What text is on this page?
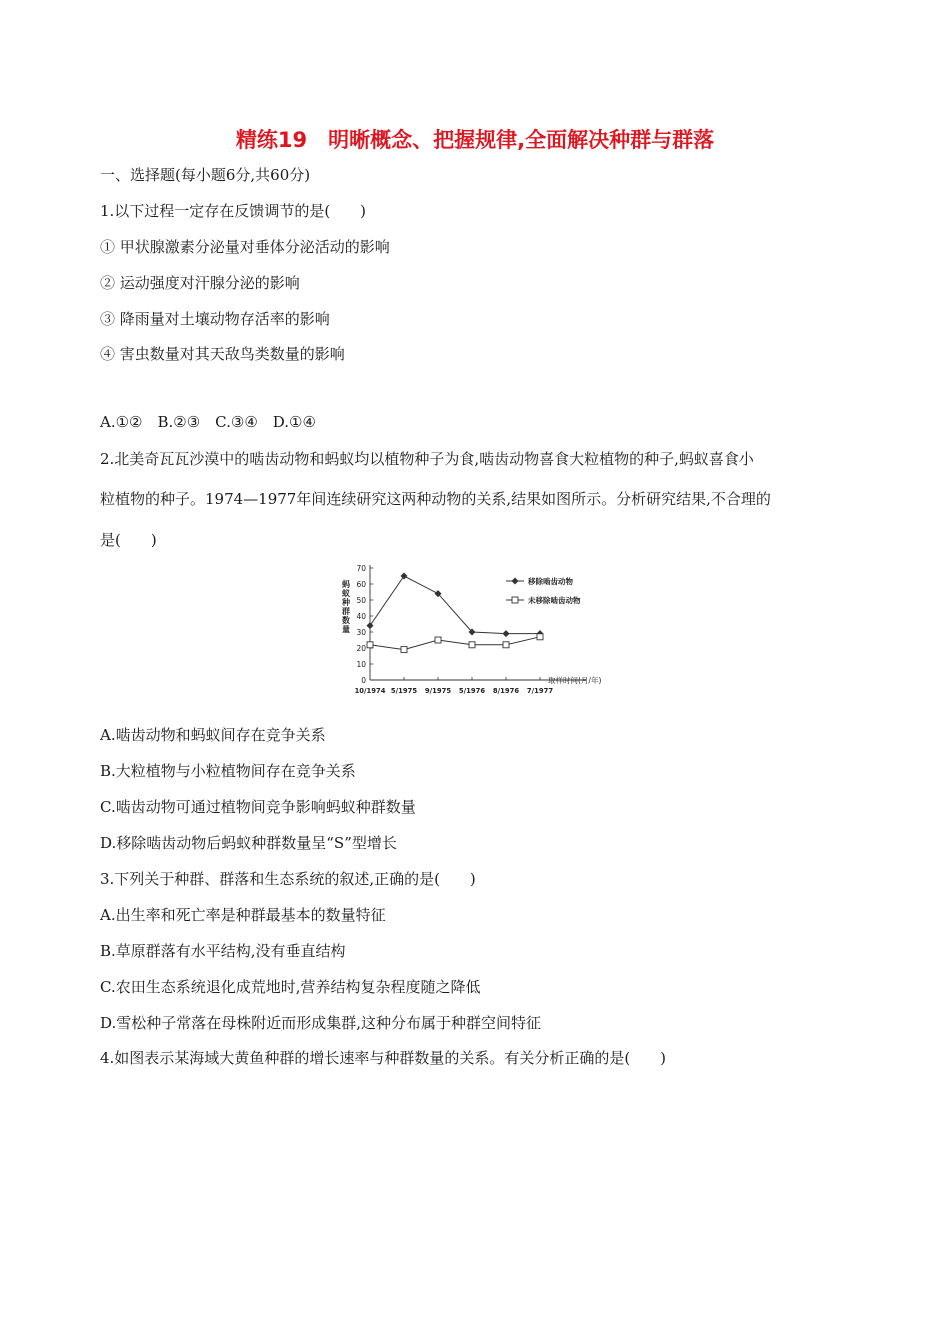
精练19　明晰概念、把握规律,全面解决种群与群落
一、选择题(每小题6分,共60分)
1.以下过程一定存在反馈调节的是(　　)
① 甲状腺激素分泌量对垂体分泌活动的影响
② 运动强度对汗腺分泌的影响
③ 降雨量对土壤动物存活率的影响
④ 害虫数量对其天敌鸟类数量的影响
A.①②　B.②③　C.③④　D.①④
2.北美奇瓦瓦沙漠中的啮齿动物和蚂蚁均以植物种子为食,啮齿动物喜食大粒植物的种子,蚂蚁喜食小
粒植物的种子。1974—1977年间连续研究这两种动物的关系,结果如图所示。分析研究结果,不合理的
是(　　)
0
10
20
30
40
50
60
70
10/1974 5/1975 9/1975 5/1976 8/1976 7/1977
蚂蚁种群数量
取样时间(月/年)
移除啮齿动物
未移除啮齿动物
A.啮齿动物和蚂蚁间存在竞争关系
B.大粒植物与小粒植物间存在竞争关系
C.啮齿动物可通过植物间竞争影响蚂蚁种群数量
D.移除啮齿动物后蚂蚁种群数量呈“S”型增长
3.下列关于种群、群落和生态系统的叙述,正确的是(　　)
A.出生率和死亡率是种群最基本的数量特征
B.草原群落有水平结构,没有垂直结构
C.农田生态系统退化成荒地时,营养结构复杂程度随之降低
D.雪松种子常落在母株附近而形成集群,这种分布属于种群空间特征
4.如图表示某海域大黄鱼种群的增长速率与种群数量的关系。有关分析正确的是(　　)
